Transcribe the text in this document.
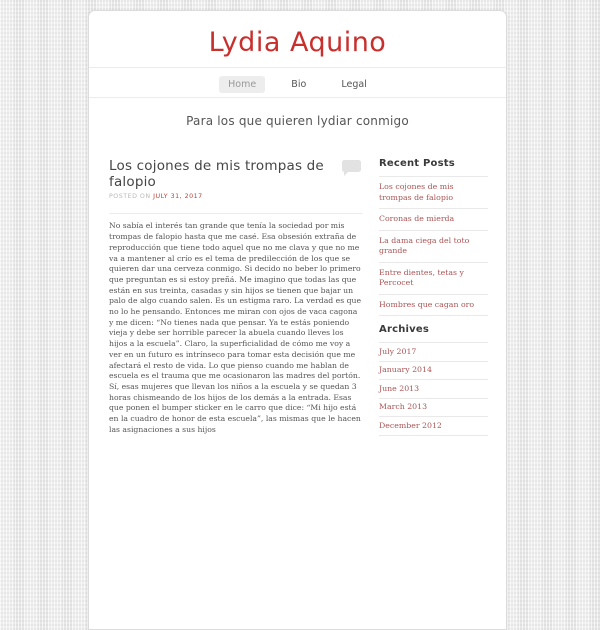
Lydia Aquino
Home	Bio	Legal
Para los que quieren lydiar conmigo
Los cojones de mis trompas de falopio
POSTED ON JULY 31, 2017

No sabía el interés tan grande que tenía la sociedad por mis trompas de falopio hasta que me casé. Esa obsesión extraña de reproducción que tiene todo aquel que no me clava y que no me va a mantener al crío es el tema de predilección de los que se quieren dar una cerveza conmigo. Si decido no beber lo primero que preguntan es si estoy preñá. Me imagino que todas las que están en sus treinta, casadas y sin hijos se tienen que bajar un palo de algo cuando salen. Es un estigma raro. La verdad es que no lo he pensando. Entonces me miran con ojos de vaca cagona y me dicen: “No tienes nada que pensar. Ya te estás poniendo vieja y debe ser horrible parecer la abuela cuando lleves los hijos a la escuela”. Claro, la superficialidad de cómo me voy a ver en un futuro es intrínseco para tomar esta decisión que me afectará el resto de vida. Lo que pienso cuando me hablan de escuela es el trauma que me ocasionaron las madres del portón. Sí, esas mujeres que llevan los niños a la escuela y se quedan 3 horas chismeando de los hijos de los demás a la entrada. Esas que ponen el bumper sticker en le carro que dice: “Mi hijo está en la cuadro de honor de esta escuela”, las mismas que le hacen las asignaciones a sus hijos

Recent Posts
Los cojones de mis trompas de falopio
Coronas de mierda
La dama ciega del toto grande
Entre dientes, tetas y Percocet
Hombres que cagan oro
Archives
July 2017
January 2014
June 2013
March 2013
December 2012
